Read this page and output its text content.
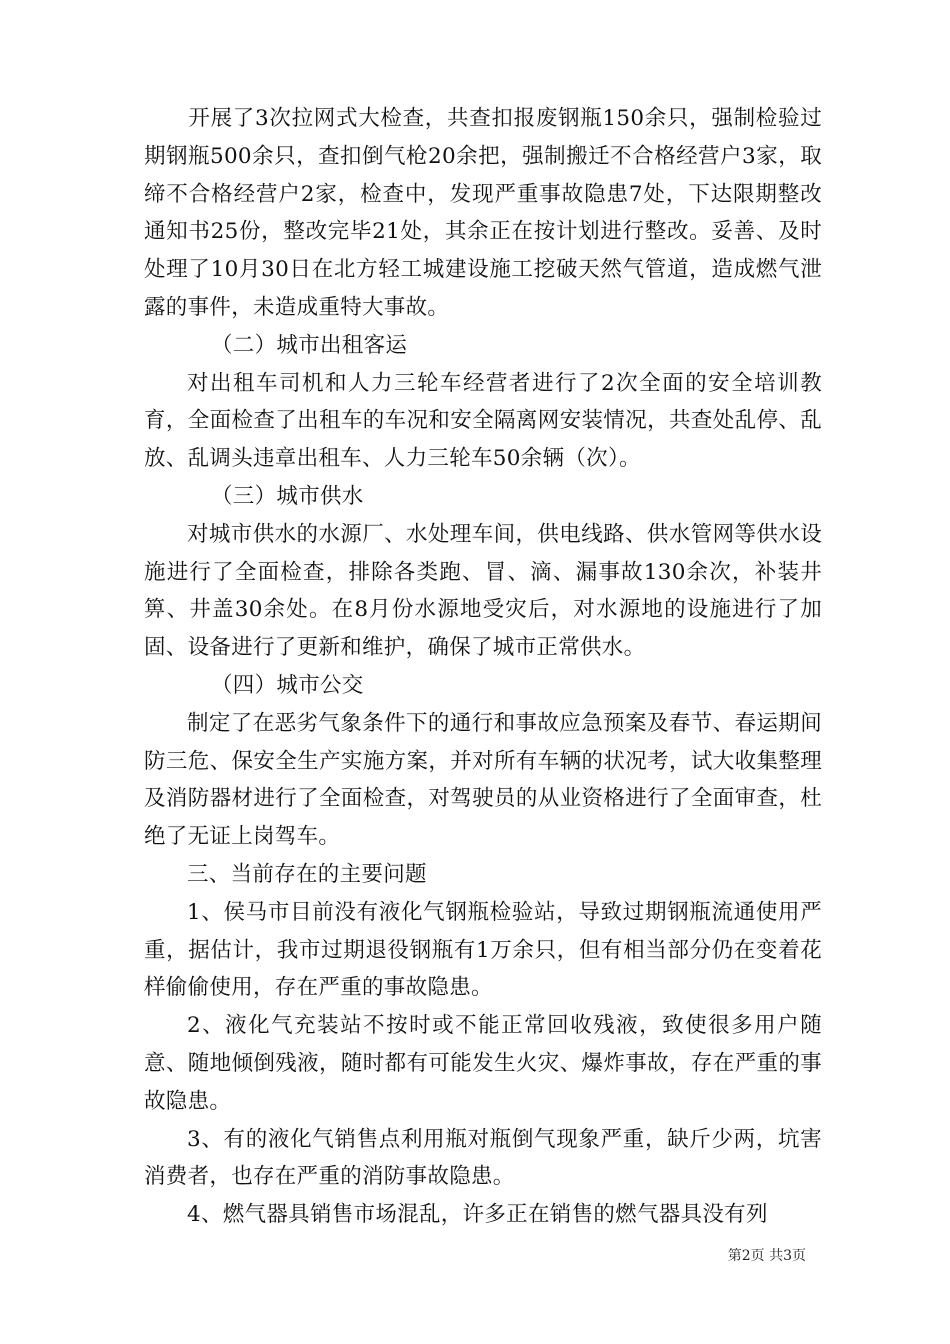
　　开展了3次拉网式大检查，共查扣报废钢瓶150余只，强制检验过期钢瓶500余只，查扣倒气枪20余把，强制搬迁不合格经营户3家，取缔不合格经营户2家，检查中，发现严重事故隐患7处，下达限期整改通知书25份，整改完毕21处，其余正在按计划进行整改。妥善、及时处理了10月30日在北方轻工城建设施工挖破天然气管道，造成燃气泄露的事件，未造成重特大事故。

（二）城市出租客运

对出租车司机和人力三轮车经营者进行了2次全面的安全培训教育，全面检查了出租车的车况和安全隔离网安装情况，共查处乱停、乱放、乱调头违章出租车、人力三轮车50余辆（次）。

（三）城市供水

对城市供水的水源厂、水处理车间，供电线路、供水管网等供水设施进行了全面检查，排除各类跑、冒、滴、漏事故130余次，补装井箅、井盖30余处。在8月份水源地受灾后，对水源地的设施进行了加固、设备进行了更新和维护，确保了城市正常供水。

（四）城市公交

制定了在恶劣气象条件下的通行和事故应急预案及春节、春运期间防三危、保安全生产实施方案，并对所有车辆的状况考，试大收集整理及消防器材进行了全面检查，对驾驶员的从业资格进行了全面审查，杜绝了无证上岗驾车。

三、当前存在的主要问题

1、侯马市目前没有液化气钢瓶检验站，导致过期钢瓶流通使用严重，据估计，我市过期退役钢瓶有1万余只，但有相当部分仍在变着花样偷偷使用，存在严重的事故隐患。

2、液化气充装站不按时或不能正常回收残液，致使很多用户随意、随地倾倒残液，随时都有可能发生火灾、爆炸事故，存在严重的事故隐患。

3、有的液化气销售点利用瓶对瓶倒气现象严重，缺斤少两，坑害消费者，也存在严重的消防事故隐患。

4、燃气器具销售市场混乱，许多正在销售的燃气器具没有列

第2页 共3页
